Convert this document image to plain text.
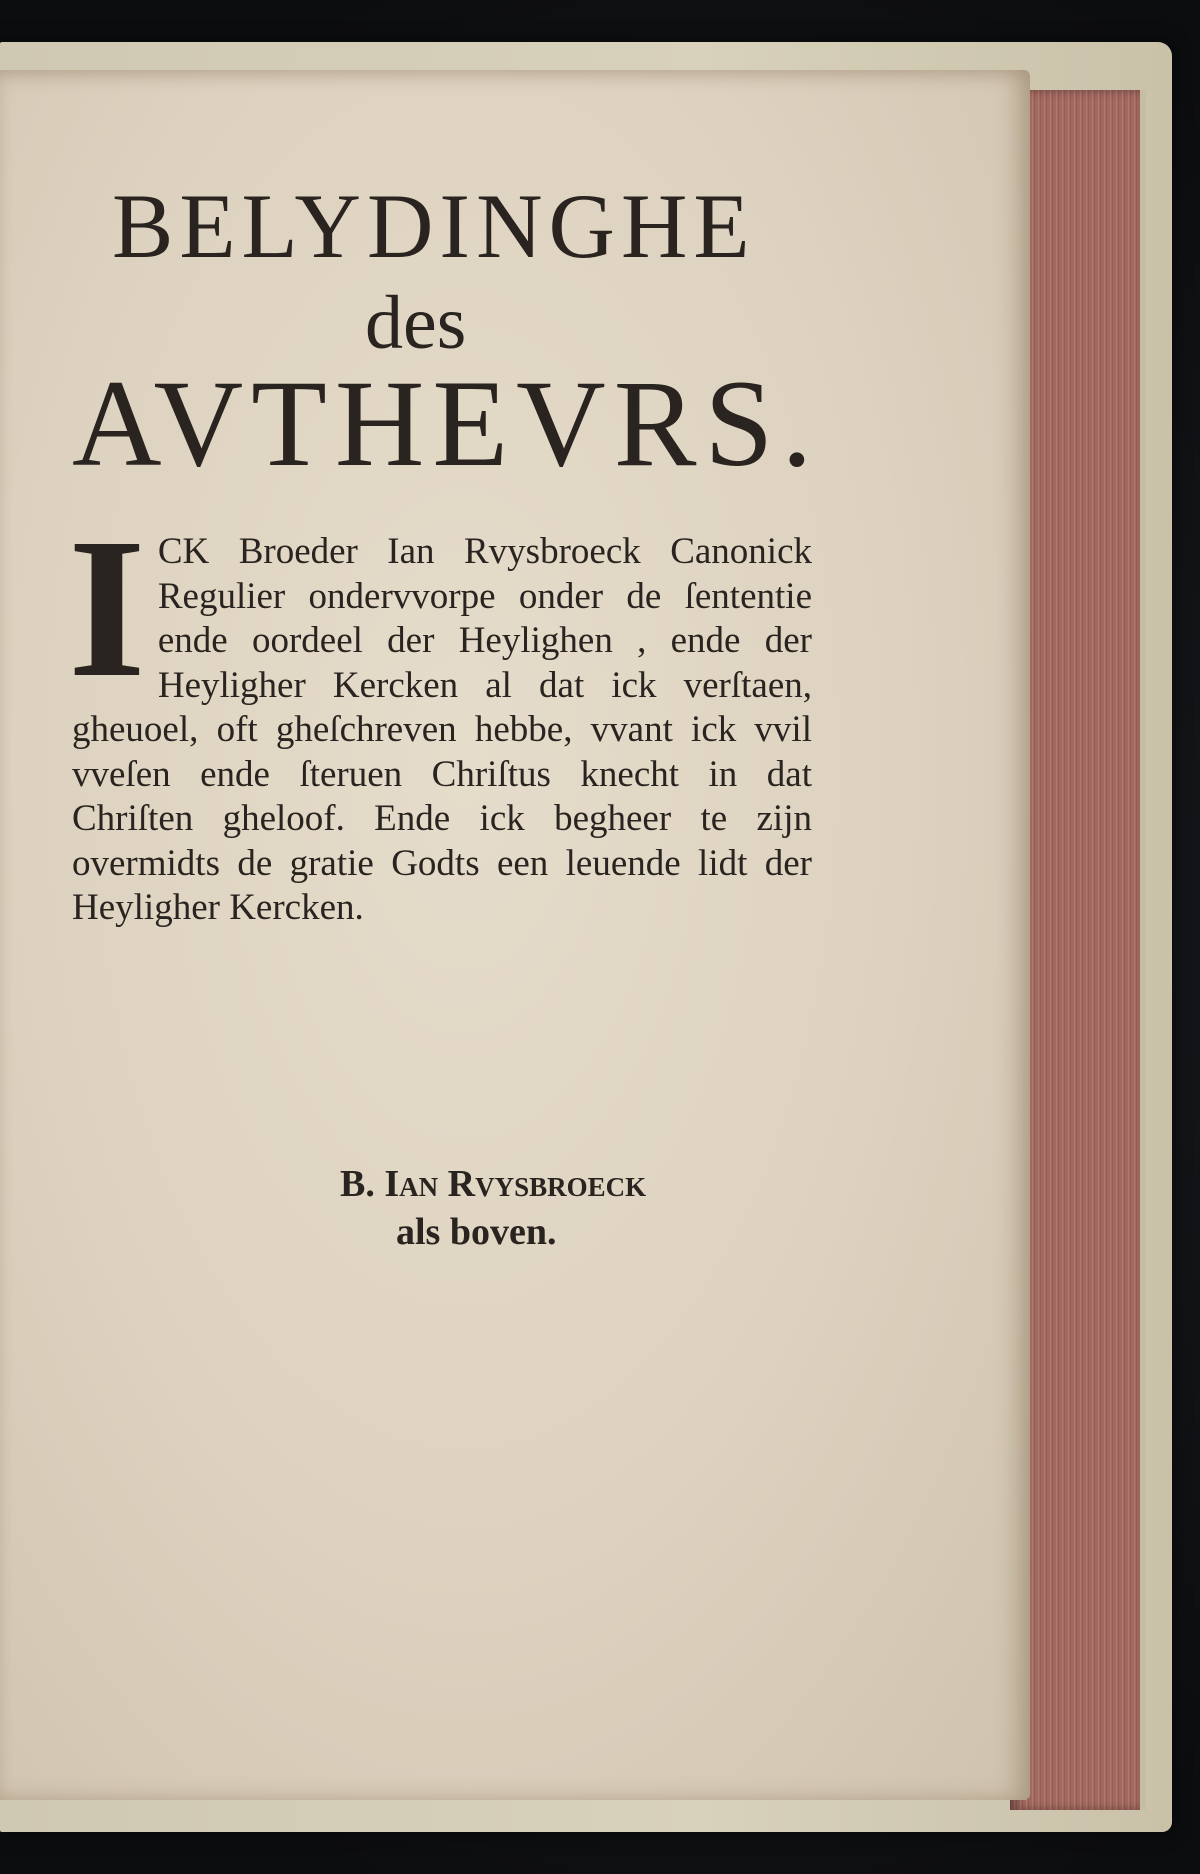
BELYDINGHE
des
AVTHEVRS.
I CK Broeder Ian Rvysbroeck Canonick Regulier ondervvorpe onder de ſententie ende oordeel der Heylighen , ende der Heyligher Kercken al dat ick verſtaen, gheuoel, oft gheſchreven hebbe, vvant ick vvil vveſen ende ſteruen Chriſtus knecht in dat Chriſten gheloof. Ende ick begheer te zijn overmidts de gratie Godts een leuende lidt der Heyligher Kercken.
B. Ian Rvysbroeck
als boven.
